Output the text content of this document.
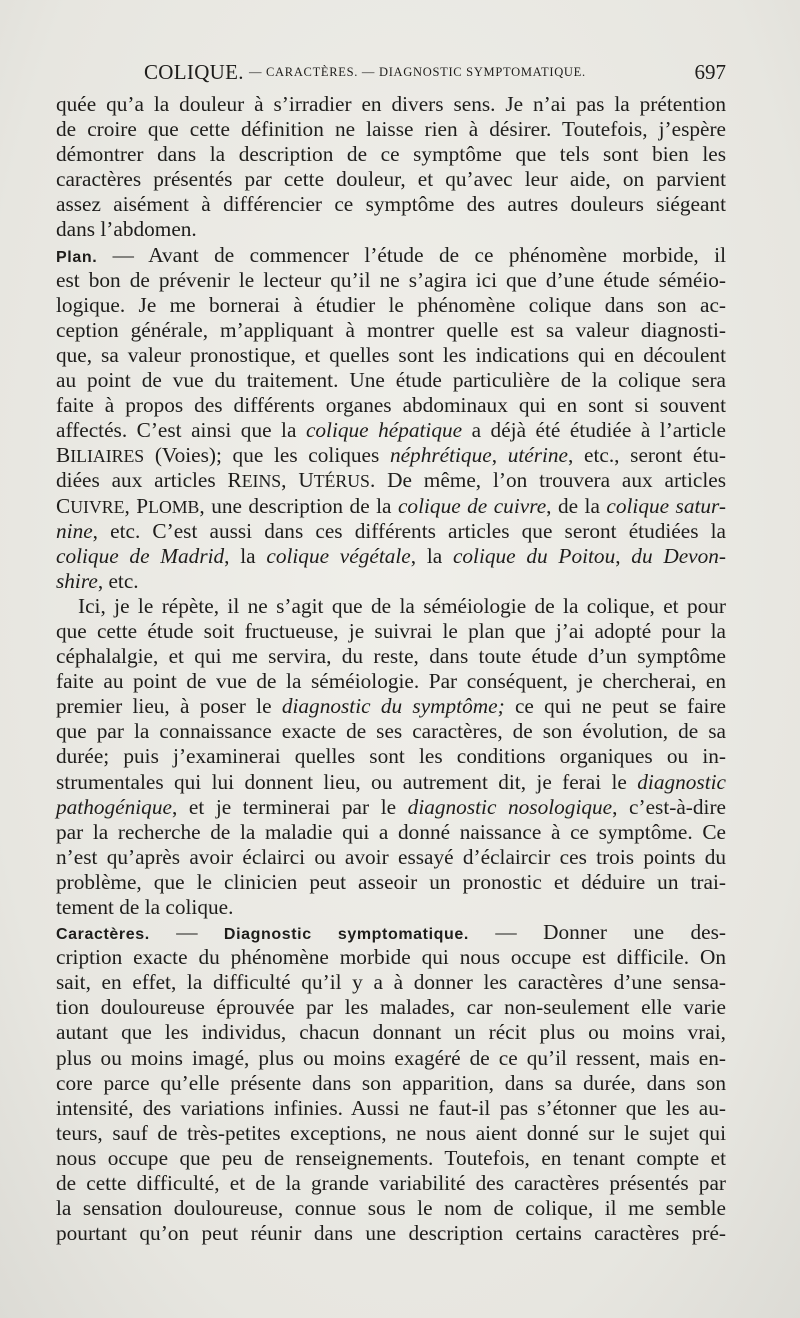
COLIQUE. — CARACTÈRES. — DIAGNOSTIC SYMPTOMATIQUE.	697
quée qu’a la douleur à s’irradier en divers sens. Je n’ai pas la prétention
de croire que cette définition ne laisse rien à désirer. Toutefois, j’espère
démontrer dans la description de ce symptôme que tels sont bien les
caractères présentés par cette douleur, et qu’avec leur aide, on parvient
assez aisément à différencier ce symptôme des autres douleurs siégeant
dans l’abdomen.
Plan. — Avant de commencer l’étude de ce phénomène morbide, il
est bon de prévenir le lecteur qu’il ne s’agira ici que d’une étude séméio-
logique. Je me bornerai à étudier le phénomène colique dans son ac-
ception générale, m’appliquant à montrer quelle est sa valeur diagnosti-
que, sa valeur pronostique, et quelles sont les indications qui en découlent
au point de vue du traitement. Une étude particulière de la colique sera
faite à propos des différents organes abdominaux qui en sont si souvent
affectés. C’est ainsi que la colique hépatique a déjà été étudiée à l’article
BILIAIRES (Voies); que les coliques néphrétique, utérine, etc., seront étu-
diées aux articles REINS, UTÉRUS. De même, l’on trouvera aux articles
CUIVRE, PLOMB, une description de la colique de cuivre, de la colique satur-
nine, etc. C’est aussi dans ces différents articles que seront étudiées la
colique de Madrid, la colique végétale, la colique du Poitou, du Devon-
shire, etc.
Ici, je le répète, il ne s’agit que de la séméiologie de la colique, et pour
que cette étude soit fructueuse, je suivrai le plan que j’ai adopté pour la
céphalalgie, et qui me servira, du reste, dans toute étude d’un symptôme
faite au point de vue de la séméiologie. Par conséquent, je chercherai, en
premier lieu, à poser le diagnostic du symptôme; ce qui ne peut se faire
que par la connaissance exacte de ses caractères, de son évolution, de sa
durée; puis j’examinerai quelles sont les conditions organiques ou in-
strumentales qui lui donnent lieu, ou autrement dit, je ferai le diagnostic
pathogénique, et je terminerai par le diagnostic nosologique, c’est-à-dire
par la recherche de la maladie qui a donné naissance à ce symptôme. Ce
n’est qu’après avoir éclairci ou avoir essayé d’éclaircir ces trois points du
problème, que le clinicien peut asseoir un pronostic et déduire un trai-
tement de la colique.
Caractères. — Diagnostic symptomatique. — Donner une des-
cription exacte du phénomène morbide qui nous occupe est difficile. On
sait, en effet, la difficulté qu’il y a à donner les caractères d’une sensa-
tion douloureuse éprouvée par les malades, car non-seulement elle varie
autant que les individus, chacun donnant un récit plus ou moins vrai,
plus ou moins imagé, plus ou moins exagéré de ce qu’il ressent, mais en-
core parce qu’elle présente dans son apparition, dans sa durée, dans son
intensité, des variations infinies. Aussi ne faut-il pas s’étonner que les au-
teurs, sauf de très-petites exceptions, ne nous aient donné sur le sujet qui
nous occupe que peu de renseignements. Toutefois, en tenant compte et
de cette difficulté, et de la grande variabilité des caractères présentés par
la sensation douloureuse, connue sous le nom de colique, il me semble
pourtant qu’on peut réunir dans une description certains caractères pré-
